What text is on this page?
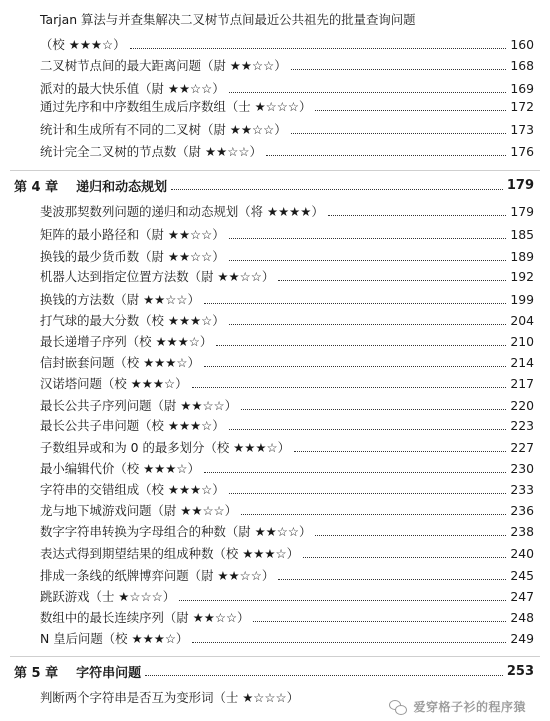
Tarjan 算法与并查集解决二叉树节点间最近公共祖先的批量查询问题
（校 ★★★☆）	160
二叉树节点间的最大距离问题（尉 ★★☆☆）	168
派对的最大快乐值（尉 ★★☆☆）	169
通过先序和中序数组生成后序数组（士 ★☆☆☆）	172
统计和生成所有不同的二叉树（尉 ★★☆☆）	173
统计完全二叉树的节点数（尉 ★★☆☆）	176
第 4 章 递归和动态规划	179
斐波那契数列问题的递归和动态规划（将 ★★★★）	179
矩阵的最小路径和（尉 ★★☆☆）	185
换钱的最少货币数（尉 ★★☆☆）	189
机器人达到指定位置方法数（尉 ★★☆☆）	192
换钱的方法数（尉 ★★☆☆）	199
打气球的最大分数（校 ★★★☆）	204
最长递增子序列（校 ★★★☆）	210
信封嵌套问题（校 ★★★☆）	214
汉诺塔问题（校 ★★★☆）	217
最长公共子序列问题（尉 ★★☆☆）	220
最长公共子串问题（校 ★★★☆）	223
子数组异或和为 0 的最多划分（校 ★★★☆）	227
最小编辑代价（校 ★★★☆）	230
字符串的交错组成（校 ★★★☆）	233
龙与地下城游戏问题（尉 ★★☆☆）	236
数字字符串转换为字母组合的种数（尉 ★★☆☆）	238
表达式得到期望结果的组成种数（校 ★★★☆）	240
排成一条线的纸牌博弈问题（尉 ★★☆☆）	245
跳跃游戏（士 ★☆☆☆）	247
数组中的最长连续序列（尉 ★★☆☆）	248
N 皇后问题（校 ★★★☆）	249
第 5 章 字符串问题	253
判断两个字符串是否互为变形词（士 ★☆☆☆）
爱穿格子衫的程序猿
